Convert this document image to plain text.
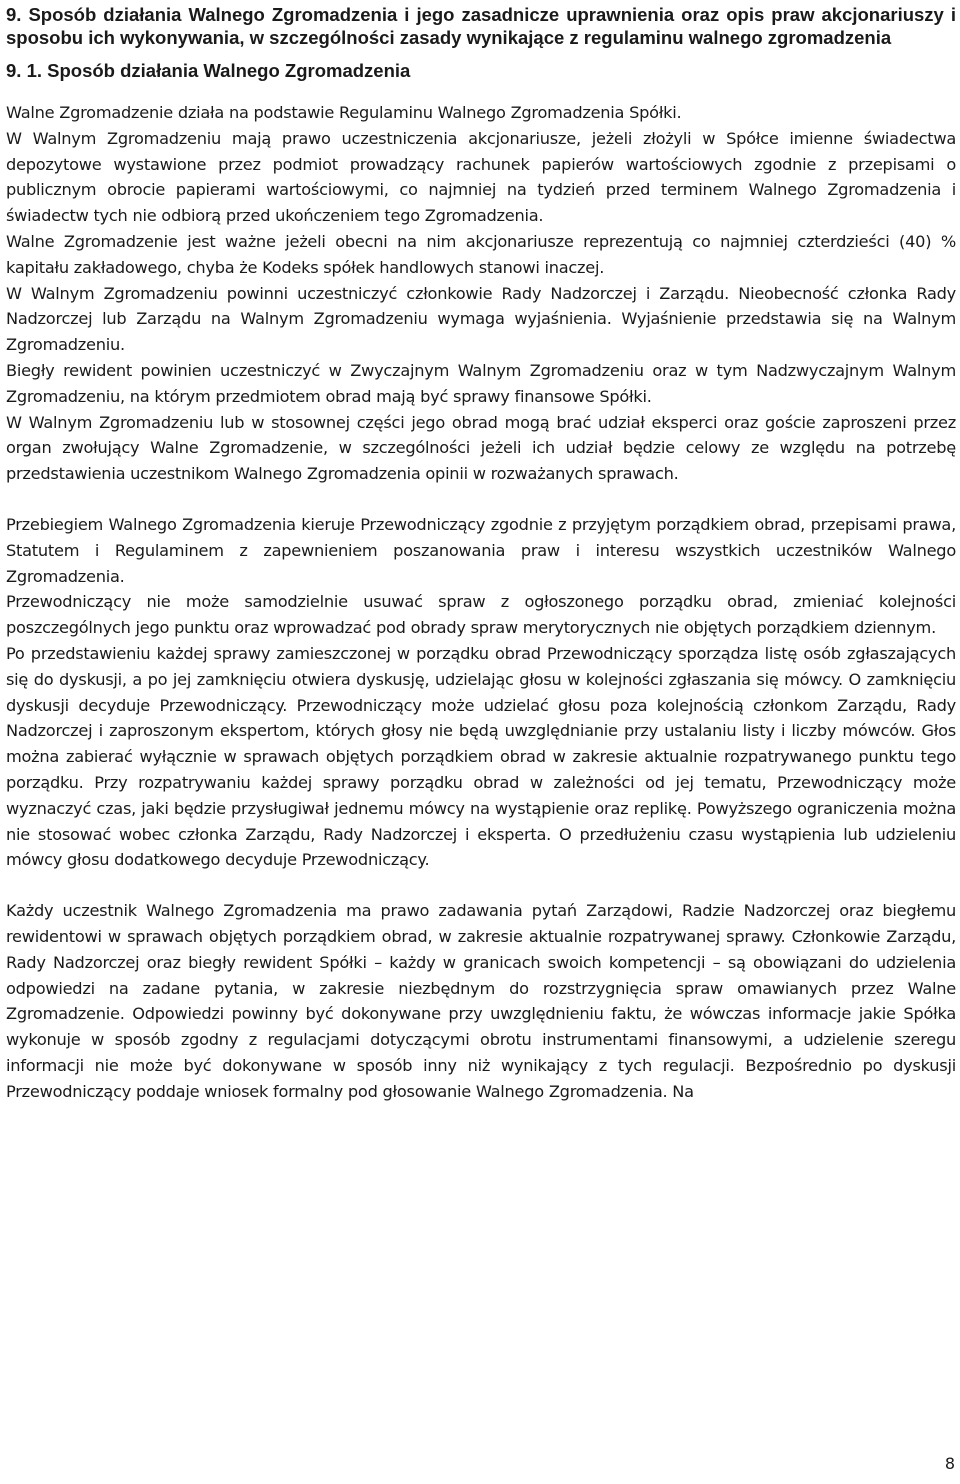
9. Sposób działania Walnego Zgromadzenia i jego zasadnicze uprawnienia oraz opis praw akcjonariuszy i sposobu ich wykonywania, w szczególności zasady wynikające z regulaminu walnego zgromadzenia

9. 1. Sposób działania Walnego Zgromadzenia

Walne Zgromadzenie działa na podstawie Regulaminu Walnego Zgromadzenia Spółki.

W Walnym Zgromadzeniu mają prawo uczestniczenia akcjonariusze, jeżeli złożyli w Spółce imienne świadectwa depozytowe wystawione przez podmiot prowadzący rachunek papierów wartościowych zgodnie z przepisami o publicznym obrocie papierami wartościowymi, co najmniej na tydzień przed terminem Walnego Zgromadzenia i świadectw tych nie odbiorą przed ukończeniem tego Zgromadzenia.

Walne Zgromadzenie jest ważne jeżeli obecni na nim akcjonariusze reprezentują co najmniej czterdzieści (40) % kapitału zakładowego, chyba że Kodeks spółek handlowych stanowi inaczej.

W Walnym Zgromadzeniu powinni uczestniczyć członkowie Rady Nadzorczej i Zarządu. Nieobecność członka Rady Nadzorczej lub Zarządu na Walnym Zgromadzeniu wymaga wyjaśnienia. Wyjaśnienie przedstawia się na Walnym Zgromadzeniu.

Biegły rewident powinien uczestniczyć w Zwyczajnym Walnym Zgromadzeniu oraz w tym Nadzwyczajnym Walnym Zgromadzeniu, na którym przedmiotem obrad mają być sprawy finansowe Spółki.

W Walnym Zgromadzeniu lub w stosownej części jego obrad mogą brać udział eksperci oraz goście zaproszeni przez organ zwołujący Walne Zgromadzenie, w szczególności jeżeli ich udział będzie celowy ze względu na potrzebę przedstawienia uczestnikom Walnego Zgromadzenia opinii w rozważanych sprawach.

Przebiegiem Walnego Zgromadzenia kieruje Przewodniczący zgodnie z przyjętym porządkiem obrad, przepisami prawa, Statutem i Regulaminem z zapewnieniem poszanowania praw i interesu wszystkich uczestników Walnego Zgromadzenia.

Przewodniczący nie może samodzielnie usuwać spraw z ogłoszonego porządku obrad, zmieniać kolejności poszczególnych jego punktu oraz wprowadzać pod obrady spraw merytorycznych nie objętych porządkiem dziennym.

Po przedstawieniu każdej sprawy zamieszczonej w porządku obrad Przewodniczący sporządza listę osób zgłaszających się do dyskusji, a po jej zamknięciu otwiera dyskusję, udzielając głosu w kolejności zgłaszania się mówcy. O zamknięciu dyskusji decyduje Przewodniczący. Przewodniczący może udzielać głosu poza kolejnością członkom Zarządu, Rady Nadzorczej i zaproszonym ekspertom, których głosy nie będą uwzględnianie przy ustalaniu listy i liczby mówców. Głos można zabierać wyłącznie w sprawach objętych porządkiem obrad w zakresie aktualnie rozpatrywanego punktu tego porządku. Przy rozpatrywaniu każdej sprawy porządku obrad w zależności od jej tematu, Przewodniczący może wyznaczyć czas, jaki będzie przysługiwał jednemu mówcy na wystąpienie oraz replikę. Powyższego ograniczenia można nie stosować wobec członka Zarządu, Rady Nadzorczej i eksperta. O przedłużeniu czasu wystąpienia lub udzieleniu mówcy głosu dodatkowego decyduje Przewodniczący.

Każdy uczestnik Walnego Zgromadzenia ma prawo zadawania pytań Zarządowi, Radzie Nadzorczej oraz biegłemu rewidentowi w sprawach objętych porządkiem obrad, w zakresie aktualnie rozpatrywanej sprawy. Członkowie Zarządu, Rady Nadzorczej oraz biegły rewident Spółki – każdy w granicach swoich kompetencji – są obowiązani do udzielenia odpowiedzi na zadane pytania, w zakresie niezbędnym do rozstrzygnięcia spraw omawianych przez Walne Zgromadzenie. Odpowiedzi powinny być dokonywane przy uwzględnieniu faktu, że wówczas informacje jakie Spółka wykonuje w sposób zgodny z regulacjami dotyczącymi obrotu instrumentami finansowymi, a udzielenie szeregu informacji nie może być dokonywane w sposób inny niż wynikający z tych regulacji. Bezpośrednio po dyskusji Przewodniczący poddaje wniosek formalny pod głosowanie Walnego Zgromadzenia. Na

8
